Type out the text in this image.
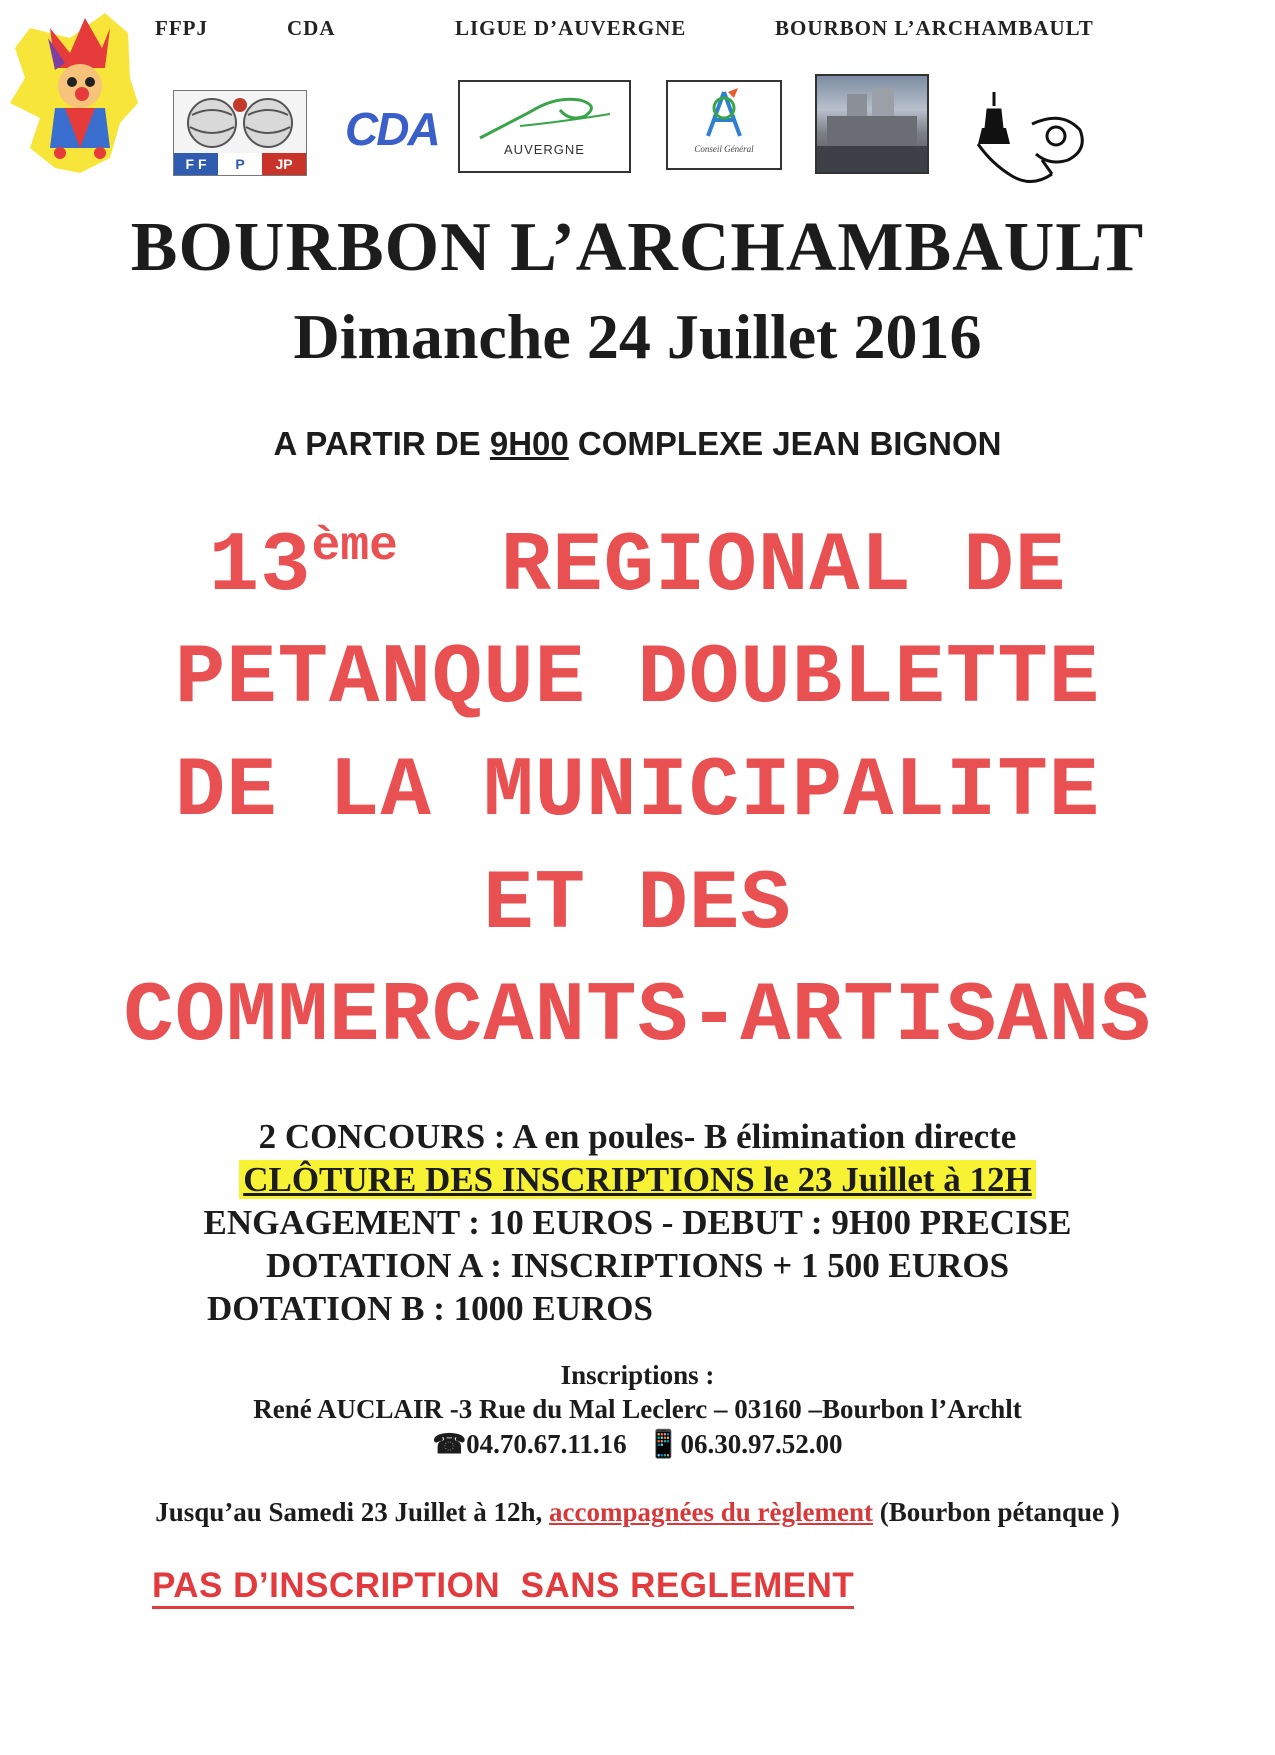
FFPJ	CDA	LIGUE D’AUVERGNE	BOURBON L’ARCHAMBAULT
F F	P	JP
CDA	AUVERGNE	Conseil Général
BOURBON L’ARCHAMBAULT
Dimanche 24 Juillet 2016
A PARTIR DE 9H00 COMPLEXE JEAN BIGNON
13ème  REGIONAL DE
PETANQUE DOUBLETTE
DE LA MUNICIPALITE
ET DES
COMMERCANTS-ARTISANS
2 CONCOURS : A en poules- B élimination directe
CLÔTURE DES INSCRIPTIONS le 23 Juillet à 12H
ENGAGEMENT : 10 EUROS - DEBUT : 9H00 PRECISE
DOTATION A : INSCRIPTIONS + 1 500 EUROS
DOTATION B : 1000 EUROS
Inscriptions :
René AUCLAIR -3 Rue du Mal Leclerc – 03160 –Bourbon l’Archlt
☎04.70.67.11.16 📱06.30.97.52.00
Jusqu’au Samedi 23 Juillet à 12h, accompagnées du règlement (Bourbon pétanque )
PAS D’INSCRIPTION  SANS REGLEMENT
